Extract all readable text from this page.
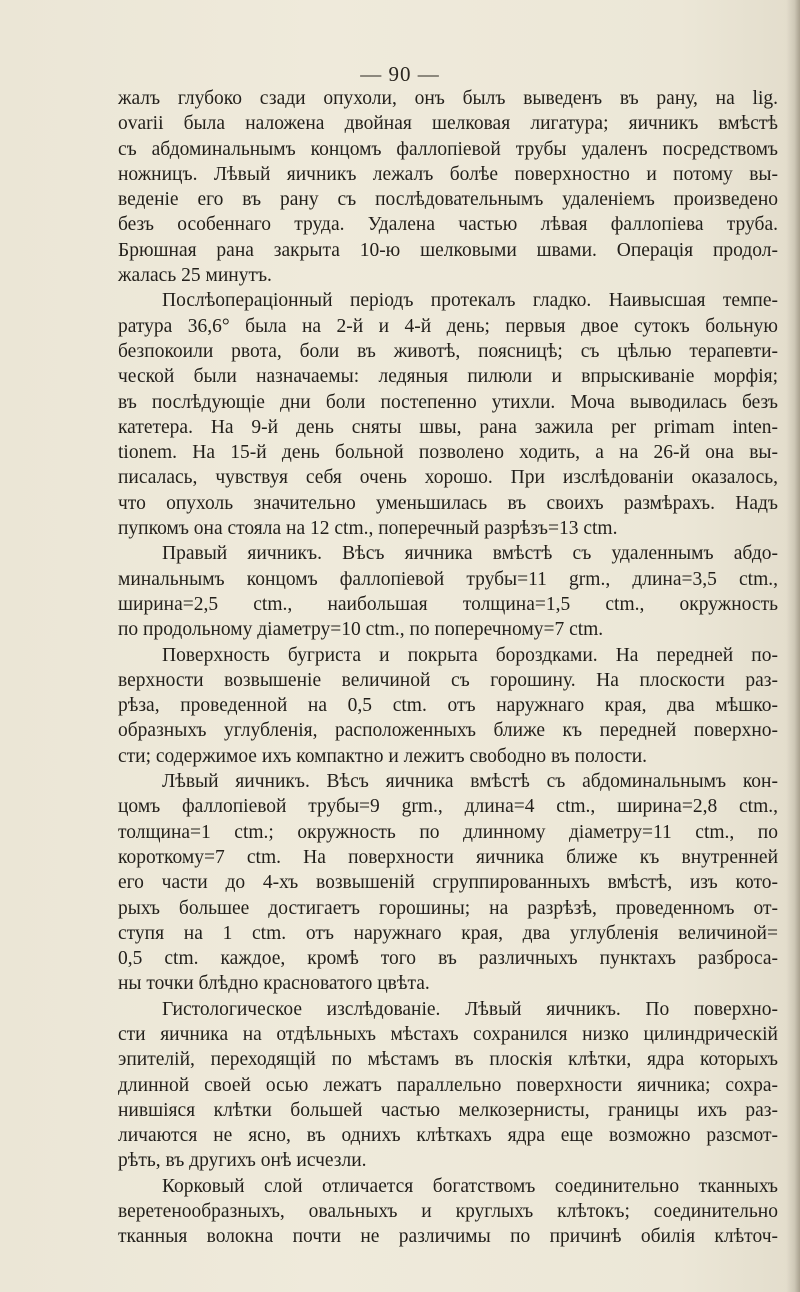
— 90 —
жалъ глубоко сзади опухоли, онъ былъ выведенъ въ рану, на lig.
ovarii была наложена двойная шелковая лигатура; яичникъ вмѣстѣ
съ абдоминальнымъ концомъ фаллопіевой трубы удаленъ посредствомъ
ножницъ. Лѣвый яичникъ лежалъ болѣе поверхностно и потому вы-
веденіе его въ рану съ послѣдовательнымъ удаленіемъ произведено
безъ особеннаго труда. Удалена частью лѣвая фаллопіева труба.
Брюшная рана закрыта 10-ю шелковыми швами. Операція продол-
жалась 25 минутъ.
Послѣопераціонный періодъ протекалъ гладко. Наивысшая темпе-
ратура 36,6° была на 2-й и 4-й день; первыя двое сутокъ больную
безпокоили рвота, боли въ животѣ, поясницѣ; съ цѣлью терапевти-
ческой были назначаемы: ледяныя пилюли и впрыскиваніе морфія;
въ послѣдующіе дни боли постепенно утихли. Моча выводилась безъ
катетера. На 9-й день сняты швы, рана зажила per primam inten-
tionem. На 15-й день больной позволено ходить, а на 26-й она вы-
писалась, чувствуя себя очень хорошо. При изслѣдованіи оказалось,
что опухоль значительно уменьшилась въ своихъ размѣрахъ. Надъ
пупкомъ она стояла на 12 ctm., поперечный разрѣзъ=13 ctm.
Правый яичникъ. Вѣсъ яичника вмѣстѣ съ удаленнымъ абдо-
минальнымъ концомъ фаллопіевой трубы=11 grm., длина=3,5 ctm.,
ширина=2,5 ctm., наибольшая толщина=1,5 ctm., окружность
по продольному діаметру=10 ctm., по поперечному=7 ctm.
Поверхность бугриста и покрыта бороздками. На передней по-
верхности возвышеніе величиной съ горошину. На плоскости раз-
рѣза, проведенной на 0,5 ctm. отъ наружнаго края, два мѣшко-
образныхъ углубленія, расположенныхъ ближе къ передней поверхно-
сти; содержимое ихъ компактно и лежитъ свободно въ полости.
Лѣвый яичникъ. Вѣсъ яичника вмѣстѣ съ абдоминальнымъ кон-
цомъ фаллопіевой трубы=9 grm., длина=4 ctm., ширина=2,8 ctm.,
толщина=1 ctm.; окружность по длинному діаметру=11 ctm., по
короткому=7 ctm. На поверхности яичника ближе къ внутренней
его части до 4-хъ возвышеній сгруппированныхъ вмѣстѣ, изъ кото-
рыхъ большее достигаетъ горошины; на разрѣзѣ, проведенномъ от-
ступя на 1 ctm. отъ наружнаго края, два углубленія величиной=
0,5 ctm. каждое, кромѣ того въ различныхъ пунктахъ разброса-
ны точки блѣдно красноватого цвѣта.
Гистологическое изслѣдованіе. Лѣвый яичникъ. По поверхно-
сти яичника на отдѣльныхъ мѣстахъ сохранился низко цилиндрическій
эпителій, переходящій по мѣстамъ въ плоскія клѣтки, ядра которыхъ
длинной своей осью лежатъ параллельно поверхности яичника; сохра-
нившіяся клѣтки большей частью мелкозернисты, границы ихъ раз-
личаются не ясно, въ однихъ клѣткахъ ядра еще возможно разсмот-
рѣть, въ другихъ онѣ исчезли.
Корковый слой отличается богатствомъ соединительно тканныхъ
веретенообразныхъ, овальныхъ и круглыхъ клѣтокъ; соединительно
тканныя волокна почти не различимы по причинѣ обилія клѣточ-
